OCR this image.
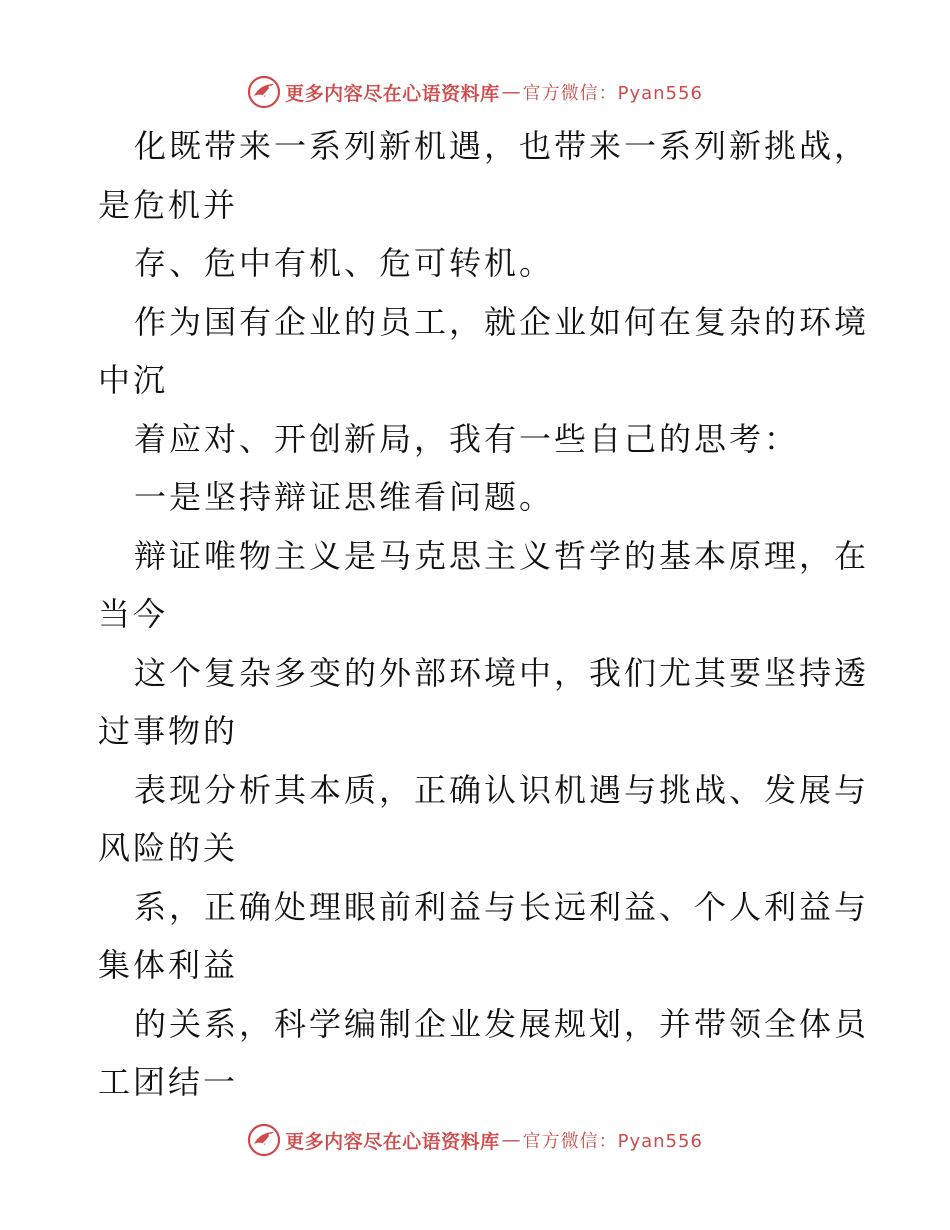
更多内容尽在心语资料库 — 官方微信：Pyan556
化既带来一系列新机遇，也带来一系列新挑战，
是危机并
存、危中有机、危可转机。
作为国有企业的员工，就企业如何在复杂的环境
中沉
着应对、开创新局，我有一些自己的思考：
一是坚持辩证思维看问题。
辩证唯物主义是马克思主义哲学的基本原理，在
当今
这个复杂多变的外部环境中，我们尤其要坚持透
过事物的
表现分析其本质，正确认识机遇与挑战、发展与
风险的关
系，正确处理眼前利益与长远利益、个人利益与
集体利益
的关系，科学编制企业发展规划，并带领全体员
工团结一
更多内容尽在心语资料库 — 官方微信：Pyan556
